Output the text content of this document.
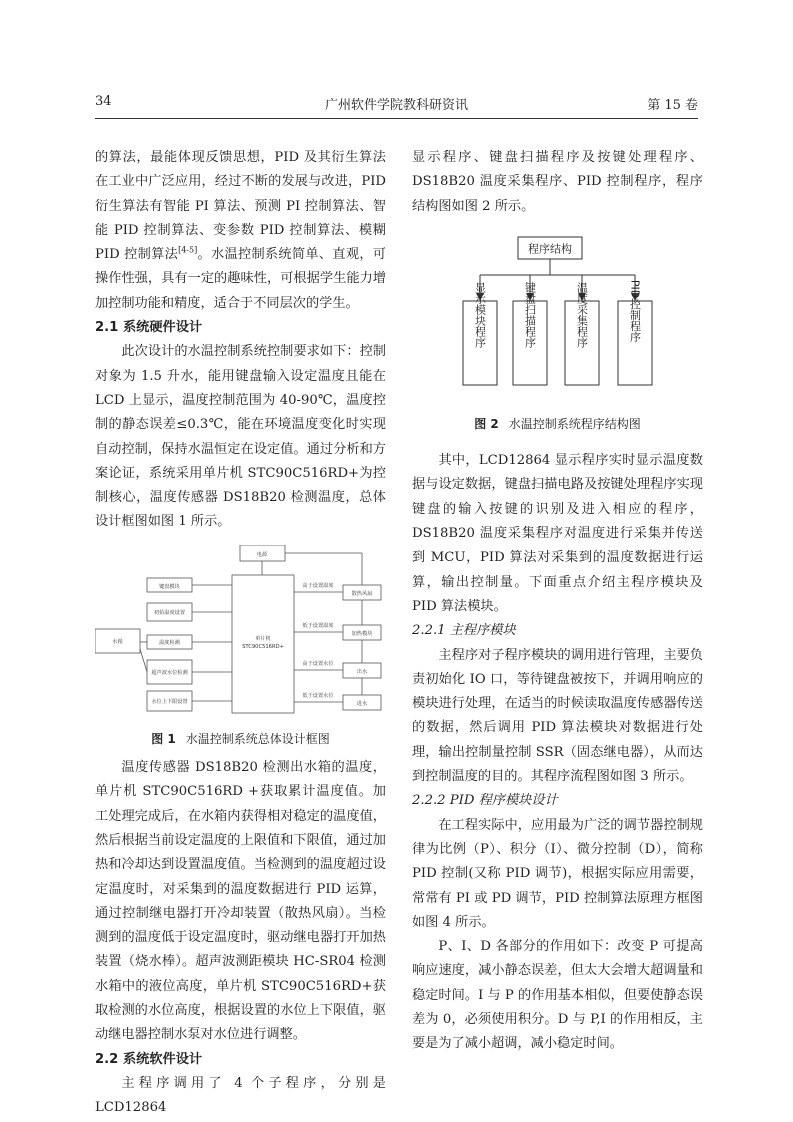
34	广州软件学院教科研资讯	第 15 卷

的算法，最能体现反馈思想，PID 及其衍生算法在工业中广泛应用，经过不断的发展与改进，PID 衍生算法有智能 PI 算法、预测 PI 控制算法、智能 PID 控制算法、变参数 PID 控制算法、模糊 PID 控制算法[4-5]。水温控制系统简单、直观，可操作性强，具有一定的趣味性，可根据学生能力增加控制功能和精度，适合于不同层次的学生。

2.1 系统硬件设计

此次设计的水温控制系统控制要求如下：控制对象为 1.5 升水，能用键盘输入设定温度且能在 LCD 上显示，温度控制范围为 40-90℃，温度控制的静态误差≤0.3℃，能在环境温度变化时实现自动控制，保持水温恒定在设定值。通过分析和方案论证，系统采用单片机 STC90C516RD+为控制核心，温度传感器 DS18B20 检测温度，总体设计框图如图 1 所示。

电源
键盘模块
初始温度设置
温度检测
水箱
超声波水位检测
水位上下限设置
单片机
STC90C516RD+
高于设置温度
低于设置温度
高于设置水位
低于设置水位
散热风扇
加热模块
出水
进水
图 1 水温控制系统总体设计框图

温度传感器 DS18B20 检测出水箱的温度，单片机 STC90C516RD +获取累计温度值。加工处理完成后，在水箱内获得相对稳定的温度值，然后根据当前设定温度的上限值和下限值，通过加热和冷却达到设置温度值。当检测到的温度超过设定温度时，对采集到的温度数据进行 PID 运算，通过控制继电器打开冷却装置（散热风扇）。当检测到的温度低于设定温度时，驱动继电器打开加热装置（烧水棒）。超声波测距模块 HC-SR04 检测水箱中的液位高度，单片机 STC90C516RD+获取检测的水位高度，根据设置的水位上下限值，驱动继电器控制水泵对水位进行调整。

2.2 系统软件设计

主程序调用了 4 个子程序，分别是 LCD12864

显示程序、键盘扫描程序及按键处理程序、DS18B20 温度采集程序、PID 控制程序，程序结构图如图 2 所示。

程序结构
显示模块程序	键盘扫描程序	温度采集程序	PID控制程序
图 2 水温控制系统程序结构图

其中，LCD12864 显示程序实时显示温度数据与设定数据，键盘扫描电路及按键处理程序实现键盘的输入按键的识别及进入相应的程序，DS18B20 温度采集程序对温度进行采集并传送到 MCU，PID 算法对采集到的温度数据进行运算，输出控制量。下面重点介绍主程序模块及 PID 算法模块。

2.2.1 主程序模块

主程序对子程序模块的调用进行管理，主要负责初始化 IO 口，等待键盘被按下，并调用响应的模块进行处理，在适当的时候读取温度传感器传送的数据，然后调用 PID 算法模块对数据进行处理，输出控制量控制 SSR（固态继电器），从而达到控制温度的目的。其程序流程图如图 3 所示。

2.2.2 PID 程序模块设计

在工程实际中，应用最为广泛的调节器控制规律为比例（P）、积分（I）、微分控制（D），简称 PID 控制(又称 PID 调节)，根据实际应用需要，常常有 PI 或 PD 调节，PID 控制算法原理方框图如图 4 所示。

P、I、D 各部分的作用如下：改变 P 可提高响应速度，减小静态误差，但太大会增大超调量和稳定时间。I 与 P 的作用基本相似，但要使静态误差为 0，必须使用积分。D 与 P,I 的作用相反，主要是为了减小超调，减小稳定时间。
